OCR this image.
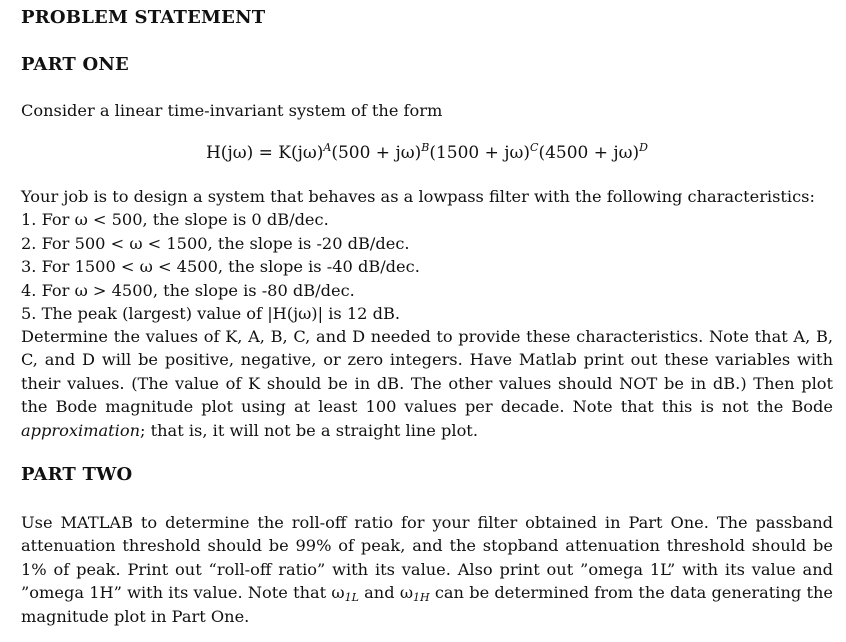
PROBLEM STATEMENT
PART ONE
Consider a linear time-invariant system of the form
$H(j\omega) = K(j\omega)^A(500 + j\omega)^B(1500 + j\omega)^C(4500 + j\omega)^D$
Your job is to design a system that behaves as a lowpass filter with the following characteristics:
1. For ω < 500, the slope is 0 dB/dec.
2. For 500 < ω < 1500, the slope is -20 dB/dec.
3. For 1500 < ω < 4500, the slope is -40 dB/dec.
4. For ω > 4500, the slope is -80 dB/dec.
5. The peak (largest) value of |H(jω)| is 12 dB.
Determine the values of K, A, B, C, and D needed to provide these characteristics. Note that A, B, C, and D will be positive, negative, or zero integers. Have Matlab print out these variables with their values. (The value of K should be in dB. The other values should NOT be in dB.) Then plot the Bode magnitude plot using at least 100 values per decade. Note that this is not the Bode approximation; that is, it will not be a straight line plot.
PART TWO
Use MATLAB to determine the roll-off ratio for your filter obtained in Part One. The passband attenuation threshold should be 99% of peak, and the stopband attenuation threshold should be 1% of peak. Print out “roll-off ratio” with its value. Also print out ”omega 1L” with its value and ”omega 1H” with its value. Note that $\omega_{1L}$ and $\omega_{1H}$ can be determined from the data generating the magnitude plot in Part One.
